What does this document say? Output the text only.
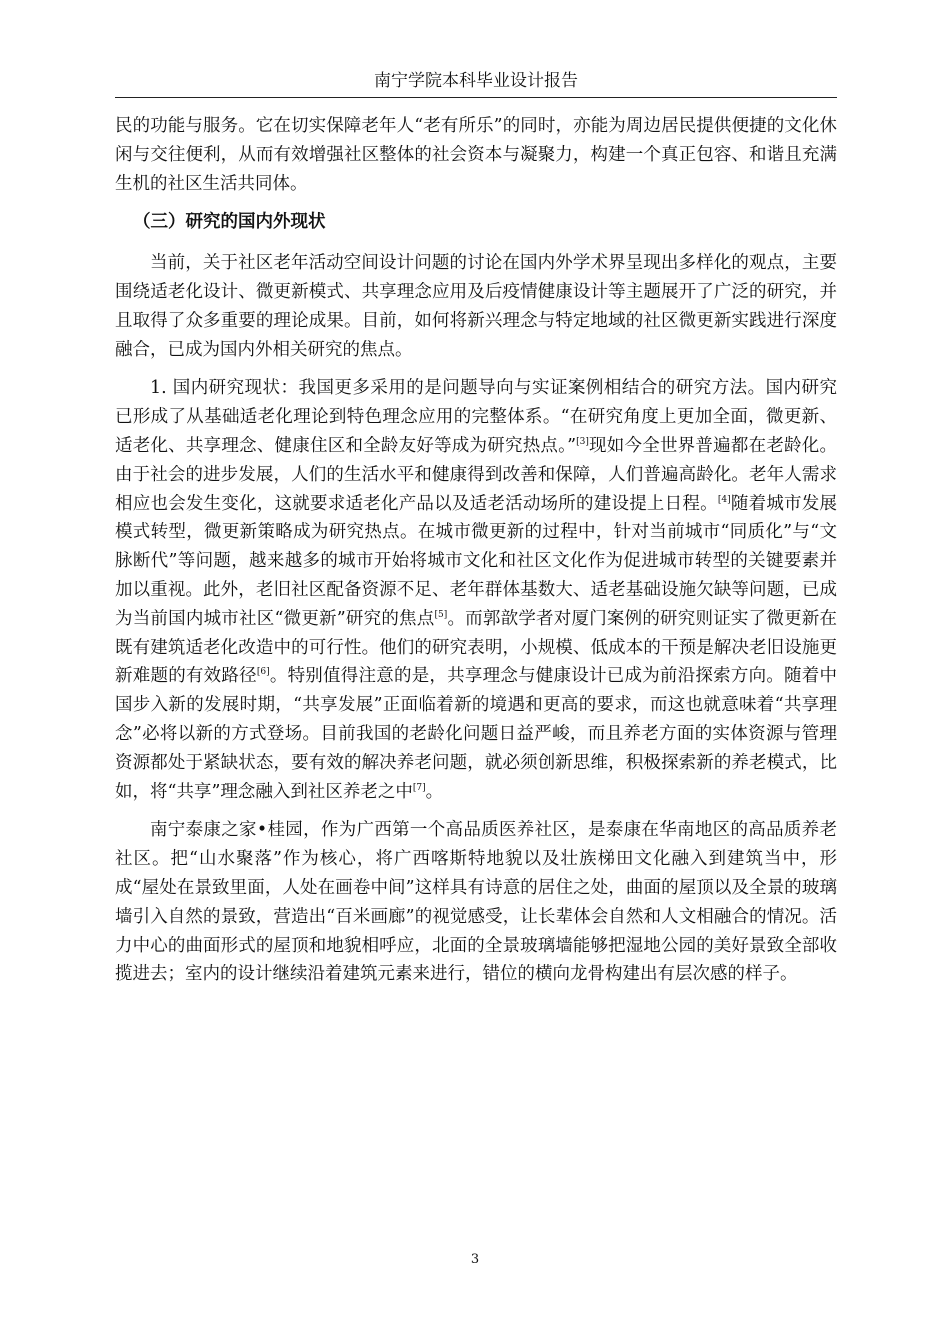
南宁学院本科毕业设计报告

民的功能与服务。它在切实保障老年人“老有所乐”的同时，亦能为周边居民提供便捷的文化休闲与交往便利，从而有效增强社区整体的社会资本与凝聚力，构建一个真正包容、和谐且充满生机的社区生活共同体。

（三）研究的国内外现状

当前，关于社区老年活动空间设计问题的讨论在国内外学术界呈现出多样化的观点，主要围绕适老化设计、微更新模式、共享理念应用及后疫情健康设计等主题展开了广泛的研究，并且取得了众多重要的理论成果。目前，如何将新兴理念与特定地域的社区微更新实践进行深度融合，已成为国内外相关研究的焦点。

1. 国内研究现状：我国更多采用的是问题导向与实证案例相结合的研究方法。国内研究已形成了从基础适老化理论到特色理念应用的完整体系。“在研究角度上更加全面，微更新、适老化、共享理念、健康住区和全龄友好等成为研究热点。”[3]现如今全世界普遍都在老龄化。由于社会的进步发展，人们的生活水平和健康得到改善和保障，人们普遍高龄化。老年人需求相应也会发生变化，这就要求适老化产品以及适老活动场所的建设提上日程。[4]随着城市发展模式转型，微更新策略成为研究热点。在城市微更新的过程中，针对当前城市“同质化”与“文脉断代”等问题，越来越多的城市开始将城市文化和社区文化作为促进城市转型的关键要素并加以重视。此外，老旧社区配备资源不足、老年群体基数大、适老基础设施欠缺等问题，已成为当前国内城市社区“微更新”研究的焦点[5]。而郭歆学者对厦门案例的研究则证实了微更新在既有建筑适老化改造中的可行性。他们的研究表明，小规模、低成本的干预是解决老旧设施更新难题的有效路径[6]。特别值得注意的是，共享理念与健康设计已成为前沿探索方向。随着中国步入新的发展时期，“共享发展”正面临着新的境遇和更高的要求，而这也就意味着“共享理念”必将以新的方式登场。目前我国的老龄化问题日益严峻，而且养老方面的实体资源与管理资源都处于紧缺状态，要有效的解决养老问题，就必须创新思维，积极探索新的养老模式，比如，将“共享”理念融入到社区养老之中[7]。

南宁泰康之家•桂园，作为广西第一个高品质医养社区，是泰康在华南地区的高品质养老社区。把“山水聚落”作为核心，将广西喀斯特地貌以及壮族梯田文化融入到建筑当中，形成“屋处在景致里面，人处在画卷中间”这样具有诗意的居住之处，曲面的屋顶以及全景的玻璃墙引入自然的景致，营造出“百米画廊”的视觉感受，让长辈体会自然和人文相融合的情况。活力中心的曲面形式的屋顶和地貌相呼应，北面的全景玻璃墙能够把湿地公园的美好景致全部收揽进去；室内的设计继续沿着建筑元素来进行，错位的横向龙骨构建出有层次感的样子。

3
